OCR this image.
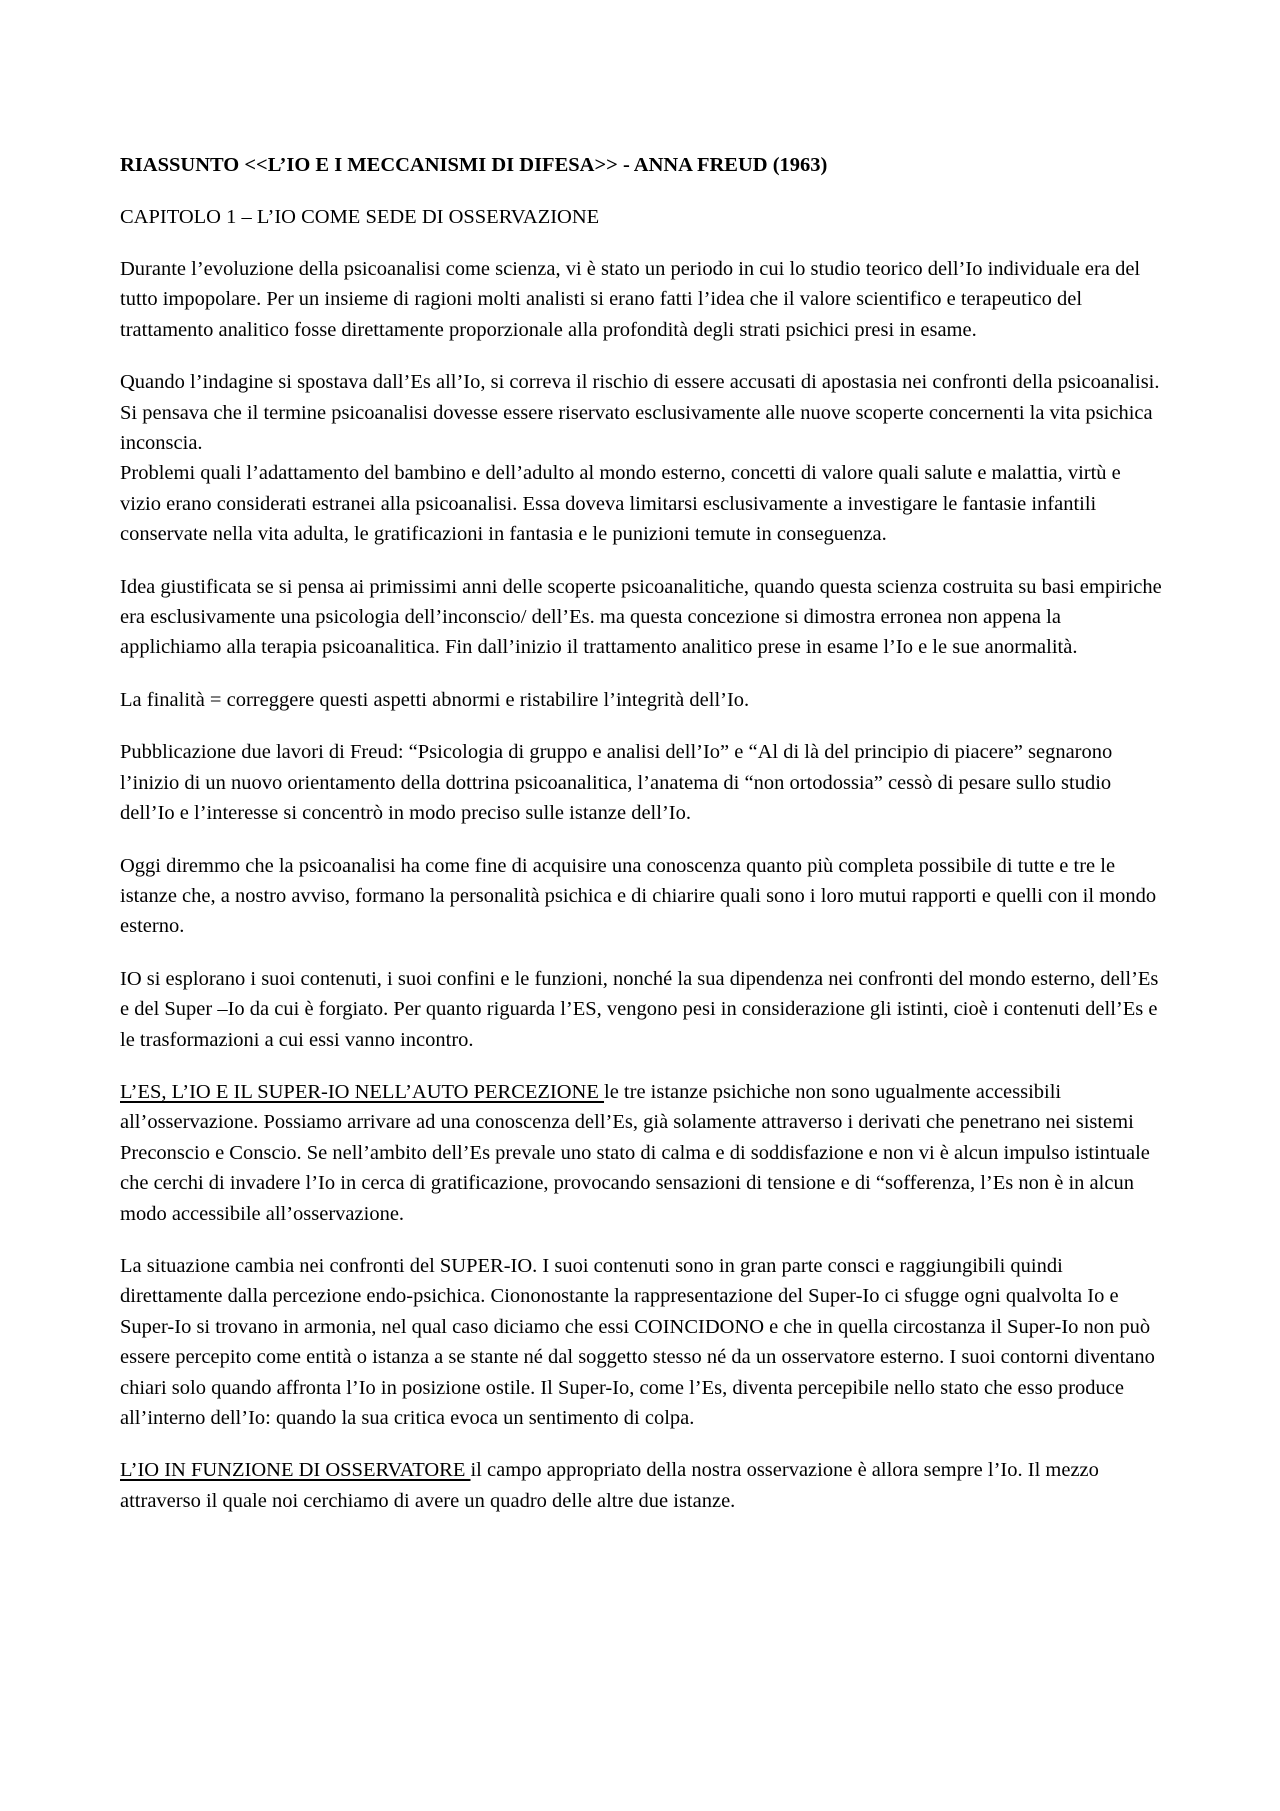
RIASSUNTO <<L’IO E I MECCANISMI DI DIFESA>> - ANNA FREUD (1963)

CAPITOLO 1 – L’IO COME SEDE DI OSSERVAZIONE

Durante l’evoluzione della psicoanalisi come scienza, vi è stato un periodo in cui lo studio teorico dell’Io individuale era del tutto impopolare. Per un insieme di ragioni molti analisti si erano fatti l’idea che il valore scientifico e terapeutico del trattamento analitico fosse direttamente proporzionale alla profondità degli strati psichici presi in esame.

Quando l’indagine si spostava dall’Es all’Io, si correva il rischio di essere accusati di apostasia nei confronti della psicoanalisi. Si pensava che il termine psicoanalisi dovesse essere riservato esclusivamente alle nuove scoperte concernenti la vita psichica inconscia.

Problemi quali l’adattamento del bambino e dell’adulto al mondo esterno, concetti di valore quali salute e malattia, virtù e vizio erano considerati estranei alla psicoanalisi. Essa doveva limitarsi esclusivamente a investigare le fantasie infantili conservate nella vita adulta, le gratificazioni in fantasia e le punizioni temute in conseguenza.

Idea giustificata se si pensa ai primissimi anni delle scoperte psicoanalitiche, quando questa scienza costruita su basi empiriche era esclusivamente una psicologia dell’inconscio/ dell’Es. ma questa concezione si dimostra erronea non appena la applichiamo alla terapia psicoanalitica. Fin dall’inizio il trattamento analitico prese in esame l’Io e le sue anormalità.

La finalità = correggere questi aspetti abnormi e ristabilire l’integrità dell’Io.

Pubblicazione due lavori di Freud: “Psicologia di gruppo e analisi dell’Io” e “Al di là del principio di piacere” segnarono l’inizio di un nuovo orientamento della dottrina psicoanalitica, l’anatema di “non ortodossia” cessò di pesare sullo studio dell’Io e l’interesse si concentrò in modo preciso sulle istanze dell’Io.

Oggi diremmo che la psicoanalisi ha come fine di acquisire una conoscenza quanto più completa possibile di tutte e tre le istanze che, a nostro avviso, formano la personalità psichica e di chiarire quali sono i loro mutui rapporti e quelli con il mondo esterno.

IO si esplorano i suoi contenuti, i suoi confini e le funzioni, nonché la sua dipendenza nei confronti del mondo esterno, dell’Es e del Super –Io da cui è forgiato. Per quanto riguarda l’ES, vengono pesi in considerazione gli istinti, cioè i contenuti dell’Es e le trasformazioni a cui essi vanno incontro.

L’ES, L’IO E IL SUPER-IO NELL’AUTO PERCEZIONE le tre istanze psichiche non sono ugualmente accessibili all’osservazione. Possiamo arrivare ad una conoscenza dell’Es, già solamente attraverso i derivati che penetrano nei sistemi Preconscio e Conscio. Se nell’ambito dell’Es prevale uno stato di calma e di soddisfazione e non vi è alcun impulso istintuale che cerchi di invadere l’Io in cerca di gratificazione, provocando sensazioni di tensione e di “sofferenza, l’Es non è in alcun modo accessibile all’osservazione.

La situazione cambia nei confronti del SUPER-IO. I suoi contenuti sono in gran parte consci e raggiungibili quindi direttamente dalla percezione endo-psichica. Ciononostante la rappresentazione del Super-Io ci sfugge ogni qualvolta Io e Super-Io si trovano in armonia, nel qual caso diciamo che essi COINCIDONO e che in quella circostanza il Super-Io non può essere percepito come entità o istanza a se stante né dal soggetto stesso né da un osservatore esterno. I suoi contorni diventano chiari solo quando affronta l’Io in posizione ostile. Il Super-Io, come l’Es, diventa percepibile nello stato che esso produce all’interno dell’Io: quando la sua critica evoca un sentimento di colpa.

L’IO IN FUNZIONE DI OSSERVATORE il campo appropriato della nostra osservazione è allora sempre l’Io. Il mezzo attraverso il quale noi cerchiamo di avere un quadro delle altre due istanze.
